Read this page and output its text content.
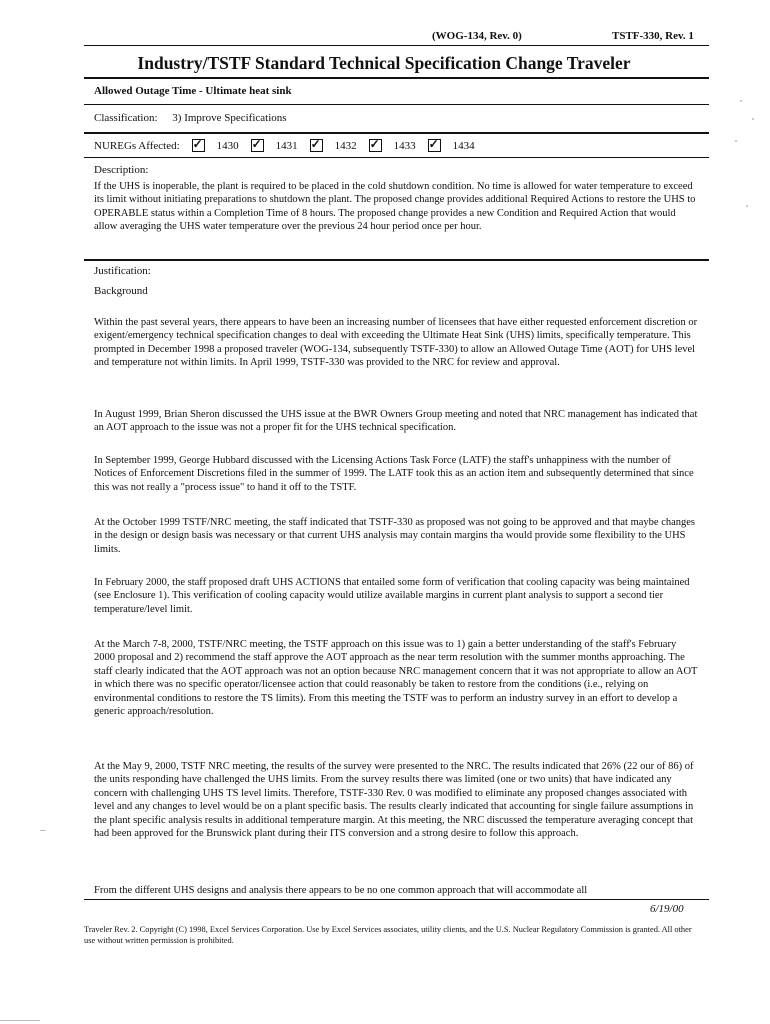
(WOG-134, Rev. 0)	TSTF-330, Rev. 1
Industry/TSTF Standard Technical Specification Change Traveler
Allowed Outage Time - Ultimate heat sink
Classification: 3) Improve Specifications
NUREGs Affected: ✓	1430 ✓	1431 ✓	1432 ✓	1433 ✓	1434
Description:

If the UHS is inoperable, the plant is required to be placed in the cold shutdown condition. No time is allowed for water temperature to exceed its limit without initiating preparations to shutdown the plant. The proposed change provides additional Required Actions to restore the UHS to OPERABLE status within a Completion Time of 8 hours. The proposed change provides a new Condition and Required Action that would allow averaging the UHS water temperature over the previous 24 hour period once per hour.

Justification:
Background

Within the past several years, there appears to have been an increasing number of licensees that have either requested enforcement discretion or exigent/emergency technical specification changes to deal with exceeding the Ultimate Heat Sink (UHS) limits, specifically temperature. This prompted in December 1998 a proposed traveler (WOG-134, subsequently TSTF-330) to allow an Allowed Outage Time (AOT) for UHS level and temperature not within limits. In April 1999, TSTF-330 was provided to the NRC for review and approval.

In August 1999, Brian Sheron discussed the UHS issue at the BWR Owners Group meeting and noted that NRC management has indicated that an AOT approach to the issue was not a proper fit for the UHS technical specification.

In September 1999, George Hubbard discussed with the Licensing Actions Task Force (LATF) the staff's unhappiness with the number of Notices of Enforcement Discretions filed in the summer of 1999. The LATF took this as an action item and subsequently determined that since this was not really a "process issue" to hand it off to the TSTF.

At the October 1999 TSTF/NRC meeting, the staff indicated that TSTF-330 as proposed was not going to be approved and that maybe changes in the design or design basis was necessary or that current UHS analysis may contain margins tha would provide some flexibility to the UHS limits.

In February 2000, the staff proposed draft UHS ACTIONS that entailed some form of verification that cooling capacity was being maintained (see Enclosure 1). This verification of cooling capacity would utilize available margins in current plant analysis to support a second tier temperature/level limit.

At the March 7-8, 2000, TSTF/NRC meeting, the TSTF approach on this issue was to 1) gain a better understanding of the staff's February 2000 proposal and 2) recommend the staff approve the AOT approach as the near term resolution with the summer months approaching. The staff clearly indicated that the AOT approach was not an option because NRC management concern that it was not appropriate to allow an AOT in which there was no specific operator/licensee action that could reasonably be taken to restore from the conditions (i.e., relying on environmental conditions to restore the TS limits). From this meeting the TSTF was to perform an industry survey in an effort to develop a generic approach/resolution.

At the May 9, 2000, TSTF NRC meeting, the results of the survey were presented to the NRC. The results indicated that 26% (22 our of 86) of the units responding have challenged the UHS limits. From the survey results there was limited (one or two units) that have indicated any concern with challenging UHS TS level limits. Therefore, TSTF-330 Rev. 0 was modified to eliminate any proposed changes associated with level and any changes to level would be on a plant specific basis. The results clearly indicated that accounting for single failure assumptions in the plant specific analysis results in additional temperature margin. At this meeting, the NRC discussed the temperature averaging concept that had been approved for the Brunswick plant during their ITS conversion and a strong desire to follow this approach.

From the different UHS designs and analysis there appears to be no one common approach that will accommodate all

6/19/00
Traveler Rev. 2. Copyright (C) 1998, Excel Services Corporation. Use by Excel Services associates, utility clients, and the U.S. Nuclear Regulatory Commission is granted. All other use without written permission is prohibited.
